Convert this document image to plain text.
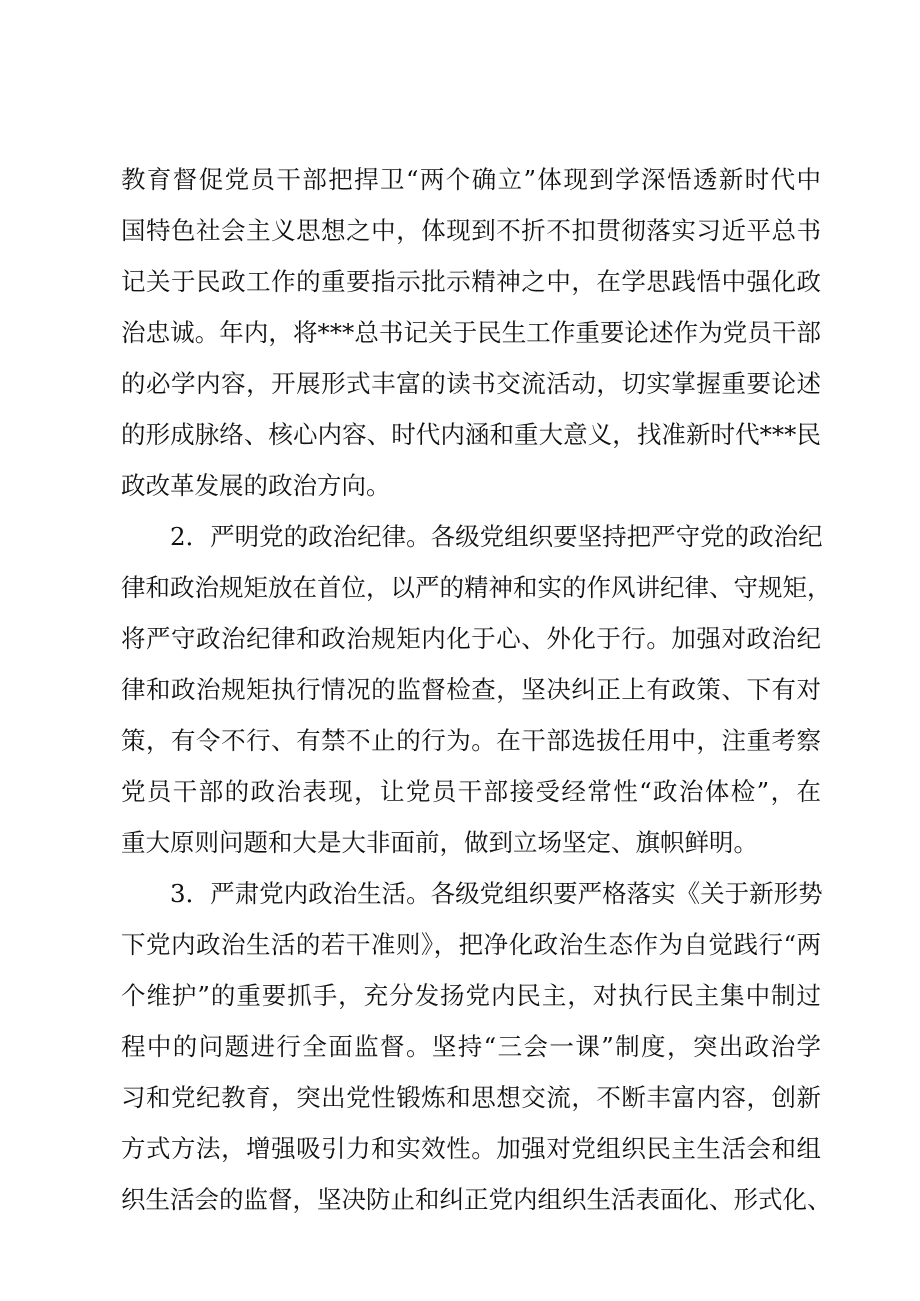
教育督促党员干部把捍卫“两个确立”体现到学深悟透新时代中
国特色社会主义思想之中，体现到不折不扣贯彻落实习近平总书
记关于民政工作的重要指示批示精神之中，在学思践悟中强化政
治忠诚。年内，将***总书记关于民生工作重要论述作为党员干部
的必学内容，开展形式丰富的读书交流活动，切实掌握重要论述
的形成脉络、核心内容、时代内涵和重大意义，找准新时代***民
政改革发展的政治方向。
2．严明党的政治纪律。各级党组织要坚持把严守党的政治纪
律和政治规矩放在首位，以严的精神和实的作风讲纪律、守规矩，
将严守政治纪律和政治规矩内化于心、外化于行。加强对政治纪
律和政治规矩执行情况的监督检查，坚决纠正上有政策、下有对
策，有令不行、有禁不止的行为。在干部选拔任用中，注重考察
党员干部的政治表现，让党员干部接受经常性“政治体检”，在
重大原则问题和大是大非面前，做到立场坚定、旗帜鲜明。
3．严肃党内政治生活。各级党组织要严格落实《关于新形势
下党内政治生活的若干准则》，把净化政治生态作为自觉践行“两
个维护”的重要抓手，充分发扬党内民主，对执行民主集中制过
程中的问题进行全面监督。坚持“三会一课”制度，突出政治学
习和党纪教育，突出党性锻炼和思想交流，不断丰富内容，创新
方式方法，增强吸引力和实效性。加强对党组织民主生活会和组
织生活会的监督，坚决防止和纠正党内组织生活表面化、形式化、
